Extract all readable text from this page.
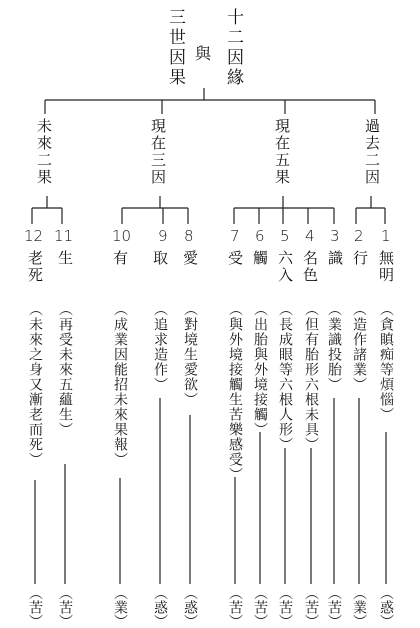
十二因緣
三世因果 與
過去二因
現在五果
現在三因
未來二果
1
2
3
4
5
6
7
8
9
10
11
12
無明
行
識
名色
六入
觸
受
愛
取
有
生
老死
（貪瞋痴等煩惱）
（造作諸業）
（業識投胎）
（但有胎形六根未具）
（長成眼等六根人形）
（出胎與外境接觸）
（與外境接觸生苦樂感受）
（對境生愛欲）
（追求造作）
（成業因能招未來果報）
（再受未來五蘊生）
（未來之身又漸老而死）
（惑）
（業）
（苦）
（苦）
（苦）
（苦）
（苦）
（惑）
（惑）
（業）
（苦）
（苦）
